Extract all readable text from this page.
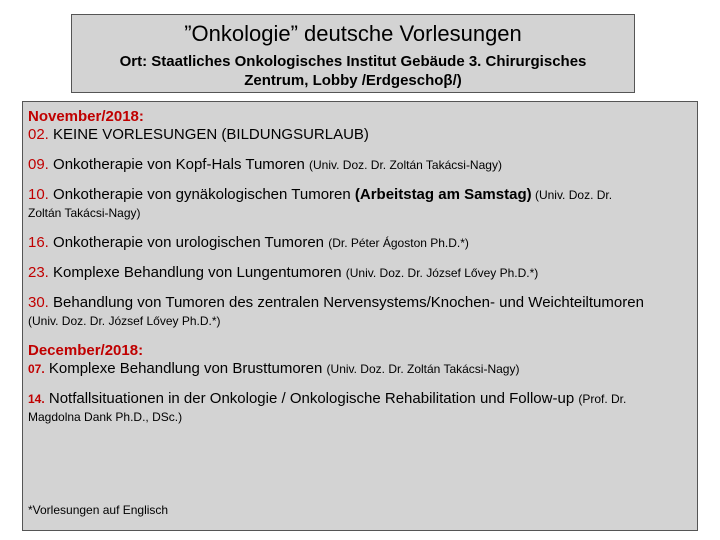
”Onkologie” deutsche Vorlesungen
Ort: Staatliches Onkologisches Institut Gebäude 3. Chirurgisches
Zentrum, Lobby /Erdgeschoβ/)
November/2018:
02. KEINE VORLESUNGEN (BILDUNGSURLAUB)
09. Onkotherapie von Kopf-Hals Tumoren (Univ. Doz. Dr. Zoltán Takácsi-Nagy)
10. Onkotherapie von gynäkologischen Tumoren (Arbeitstag am Samstag) (Univ. Doz. Dr.
Zoltán Takácsi-Nagy)
16. Onkotherapie von urologischen Tumoren (Dr. Péter Ágoston Ph.D.*)
23. Komplexe Behandlung von Lungentumoren (Univ. Doz. Dr. József Lővey Ph.D.*)
30. Behandlung von Tumoren des zentralen Nervensystems/Knochen- und Weichteiltumoren
(Univ. Doz. Dr. József Lővey Ph.D.*)
December/2018:
07. Komplexe Behandlung von Brusttumoren (Univ. Doz. Dr. Zoltán Takácsi-Nagy)
14. Notfallsituationen in der Onkologie / Onkologische Rehabilitation und Follow-up (Prof. Dr.
Magdolna Dank Ph.D., DSc.)
*Vorlesungen auf Englisch
